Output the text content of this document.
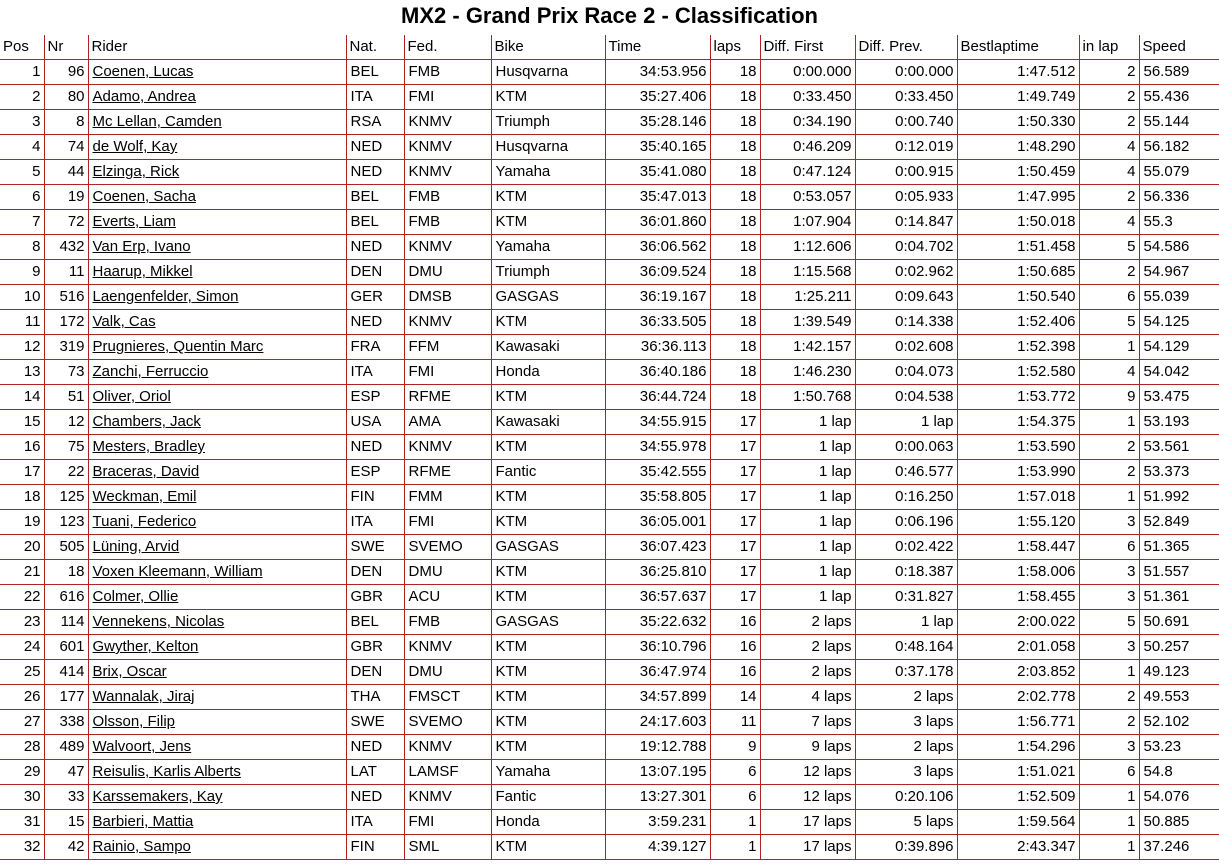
MX2 - Grand Prix Race 2 - Classification
Pos	Nr	Rider	Nat.	Fed.	Bike	Time	laps	Diff. First	Diff. Prev.	Bestlaptime	in lap	Speed
1	96	Coenen, Lucas	BEL	FMB	Husqvarna	34:53.956	18	0:00.000	0:00.000	1:47.512	2	56.589
2	80	Adamo, Andrea	ITA	FMI	KTM	35:27.406	18	0:33.450	0:33.450	1:49.749	2	55.436
3	8	Mc Lellan, Camden	RSA	KNMV	Triumph	35:28.146	18	0:34.190	0:00.740	1:50.330	2	55.144
4	74	de Wolf, Kay	NED	KNMV	Husqvarna	35:40.165	18	0:46.209	0:12.019	1:48.290	4	56.182
5	44	Elzinga, Rick	NED	KNMV	Yamaha	35:41.080	18	0:47.124	0:00.915	1:50.459	4	55.079
6	19	Coenen, Sacha	BEL	FMB	KTM	35:47.013	18	0:53.057	0:05.933	1:47.995	2	56.336
7	72	Everts, Liam	BEL	FMB	KTM	36:01.860	18	1:07.904	0:14.847	1:50.018	4	55.3
8	432	Van Erp, Ivano	NED	KNMV	Yamaha	36:06.562	18	1:12.606	0:04.702	1:51.458	5	54.586
9	11	Haarup, Mikkel	DEN	DMU	Triumph	36:09.524	18	1:15.568	0:02.962	1:50.685	2	54.967
10	516	Laengenfelder, Simon	GER	DMSB	GASGAS	36:19.167	18	1:25.211	0:09.643	1:50.540	6	55.039
11	172	Valk, Cas	NED	KNMV	KTM	36:33.505	18	1:39.549	0:14.338	1:52.406	5	54.125
12	319	Prugnieres, Quentin Marc	FRA	FFM	Kawasaki	36:36.113	18	1:42.157	0:02.608	1:52.398	1	54.129
13	73	Zanchi, Ferruccio	ITA	FMI	Honda	36:40.186	18	1:46.230	0:04.073	1:52.580	4	54.042
14	51	Oliver, Oriol	ESP	RFME	KTM	36:44.724	18	1:50.768	0:04.538	1:53.772	9	53.475
15	12	Chambers, Jack	USA	AMA	Kawasaki	34:55.915	17	1 lap	1 lap	1:54.375	1	53.193
16	75	Mesters, Bradley	NED	KNMV	KTM	34:55.978	17	1 lap	0:00.063	1:53.590	2	53.561
17	22	Braceras, David	ESP	RFME	Fantic	35:42.555	17	1 lap	0:46.577	1:53.990	2	53.373
18	125	Weckman, Emil	FIN	FMM	KTM	35:58.805	17	1 lap	0:16.250	1:57.018	1	51.992
19	123	Tuani, Federico	ITA	FMI	KTM	36:05.001	17	1 lap	0:06.196	1:55.120	3	52.849
20	505	Lüning, Arvid	SWE	SVEMO	GASGAS	36:07.423	17	1 lap	0:02.422	1:58.447	6	51.365
21	18	Voxen Kleemann, William	DEN	DMU	KTM	36:25.810	17	1 lap	0:18.387	1:58.006	3	51.557
22	616	Colmer, Ollie	GBR	ACU	KTM	36:57.637	17	1 lap	0:31.827	1:58.455	3	51.361
23	114	Vennekens, Nicolas	BEL	FMB	GASGAS	35:22.632	16	2 laps	1 lap	2:00.022	5	50.691
24	601	Gwyther, Kelton	GBR	KNMV	KTM	36:10.796	16	2 laps	0:48.164	2:01.058	3	50.257
25	414	Brix, Oscar	DEN	DMU	KTM	36:47.974	16	2 laps	0:37.178	2:03.852	1	49.123
26	177	Wannalak, Jiraj	THA	FMSCT	KTM	34:57.899	14	4 laps	2 laps	2:02.778	2	49.553
27	338	Olsson, Filip	SWE	SVEMO	KTM	24:17.603	11	7 laps	3 laps	1:56.771	2	52.102
28	489	Walvoort, Jens	NED	KNMV	KTM	19:12.788	9	9 laps	2 laps	1:54.296	3	53.23
29	47	Reisulis, Karlis Alberts	LAT	LAMSF	Yamaha	13:07.195	6	12 laps	3 laps	1:51.021	6	54.8
30	33	Karssemakers, Kay	NED	KNMV	Fantic	13:27.301	6	12 laps	0:20.106	1:52.509	1	54.076
31	15	Barbieri, Mattia	ITA	FMI	Honda	3:59.231	1	17 laps	5 laps	1:59.564	1	50.885
32	42	Rainio, Sampo	FIN	SML	KTM	4:39.127	1	17 laps	0:39.896	2:43.347	1	37.246
